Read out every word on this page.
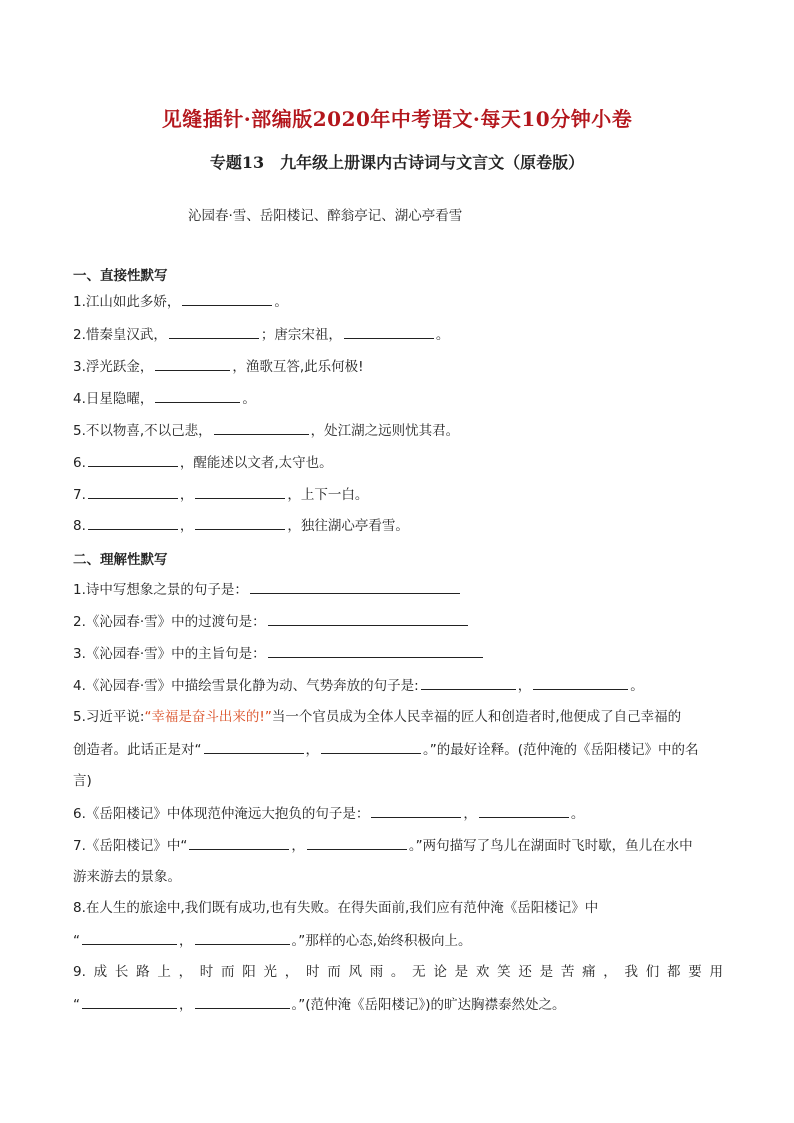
见缝插针·部编版2020年中考语文·每天10分钟小卷
专题13　九年级上册课内古诗词与文言文（原卷版）
沁园春·雪、岳阳楼记、醉翁亭记、湖心亭看雪
一、直接性默写
1.江山如此多娇，	。
2.惜秦皇汉武，	；唐宗宋祖，	。
3.浮光跃金，	，渔歌互答,此乐何极!
4.日星隐曜，	。
5.不以物喜,不以己悲，	，处江湖之远则忧其君。
6.	，醒能述以文者,太守也。
7.	，	，上下一白。
8.	，	，独往湖心亭看雪。
二、理解性默写
1.诗中写想象之景的句子是：
2.《沁园春·雪》中的过渡句是：
3.《沁园春·雪》中的主旨句是：
4.《沁园春·雪》中描绘雪景化静为动、气势奔放的句子是:	，	。
5.习近平说:“幸福是奋斗出来的!”当一个官员成为全体人民幸福的匠人和创造者时,他便成了自己幸福的
创造者。此话正是对“	，	。”的最好诠释。(范仲淹的《岳阳楼记》中的名
言)
6.《岳阳楼记》中体现范仲淹远大抱负的句子是：	，	。
7.《岳阳楼记》中“	，	。”两句描写了鸟儿在湖面时飞时歇，鱼儿在水中
游来游去的景象。
8.在人生的旅途中,我们既有成功,也有失败。在得失面前,我们应有范仲淹《岳阳楼记》中
“	，	。”那样的心态,始终积极向上。
9.成长路上，时而阳光，时而风雨。无论是欢笑还是苦痛，我们都要用
“	，	。”(范仲淹《岳阳楼记》)的旷达胸襟泰然处之。
